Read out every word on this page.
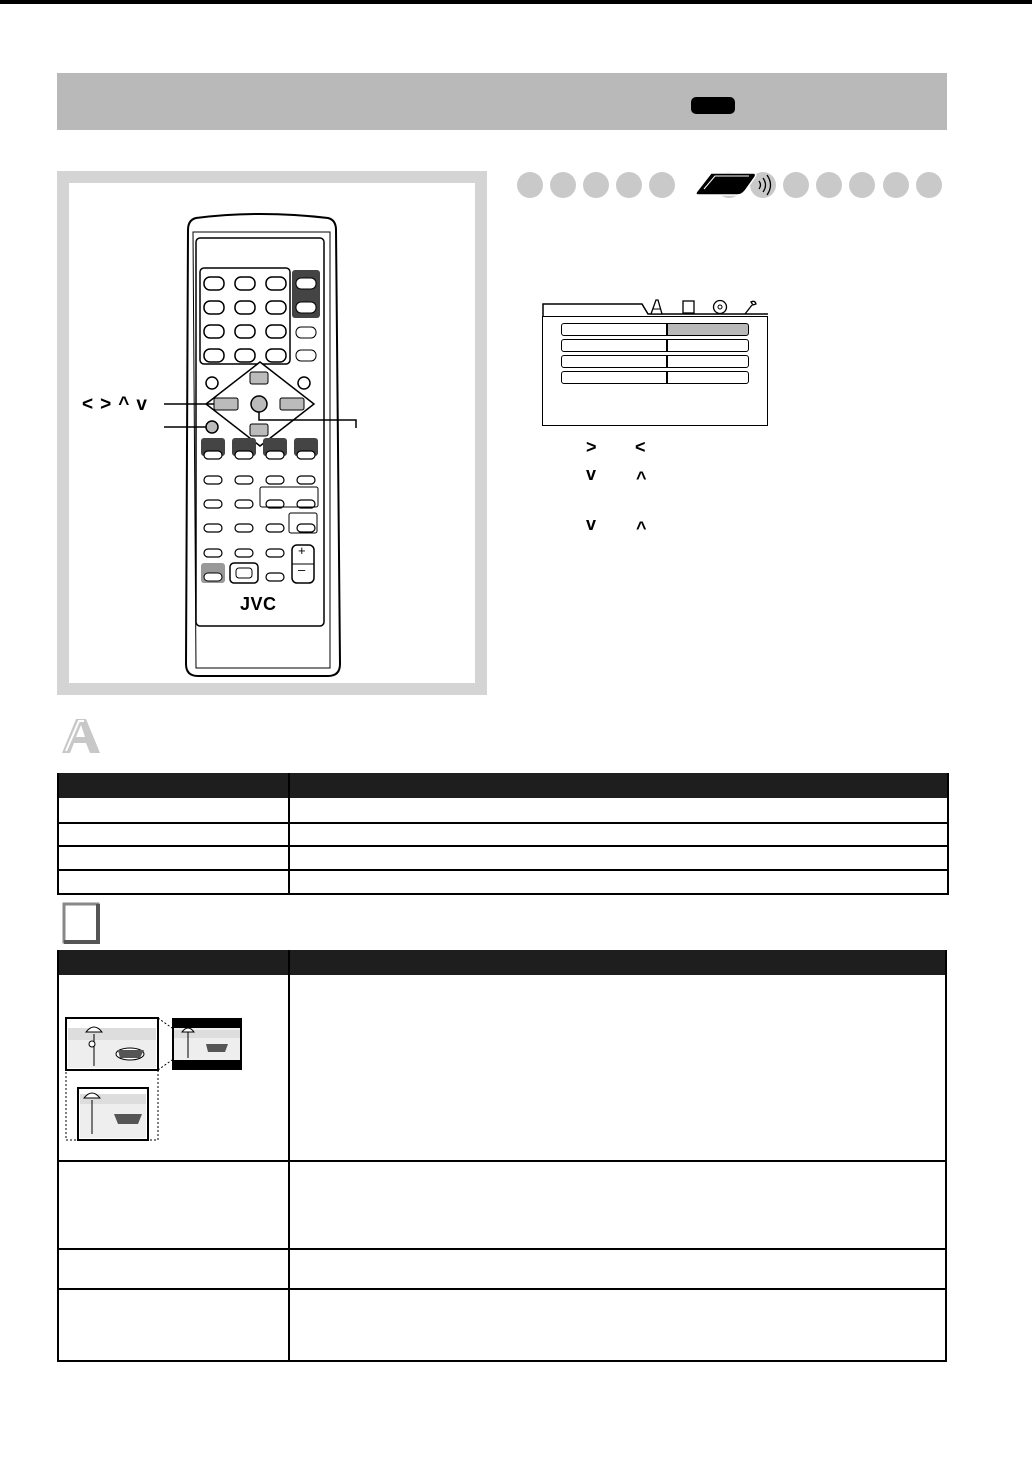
+
–
JVC
<>^v
> <
v ^
v ^
